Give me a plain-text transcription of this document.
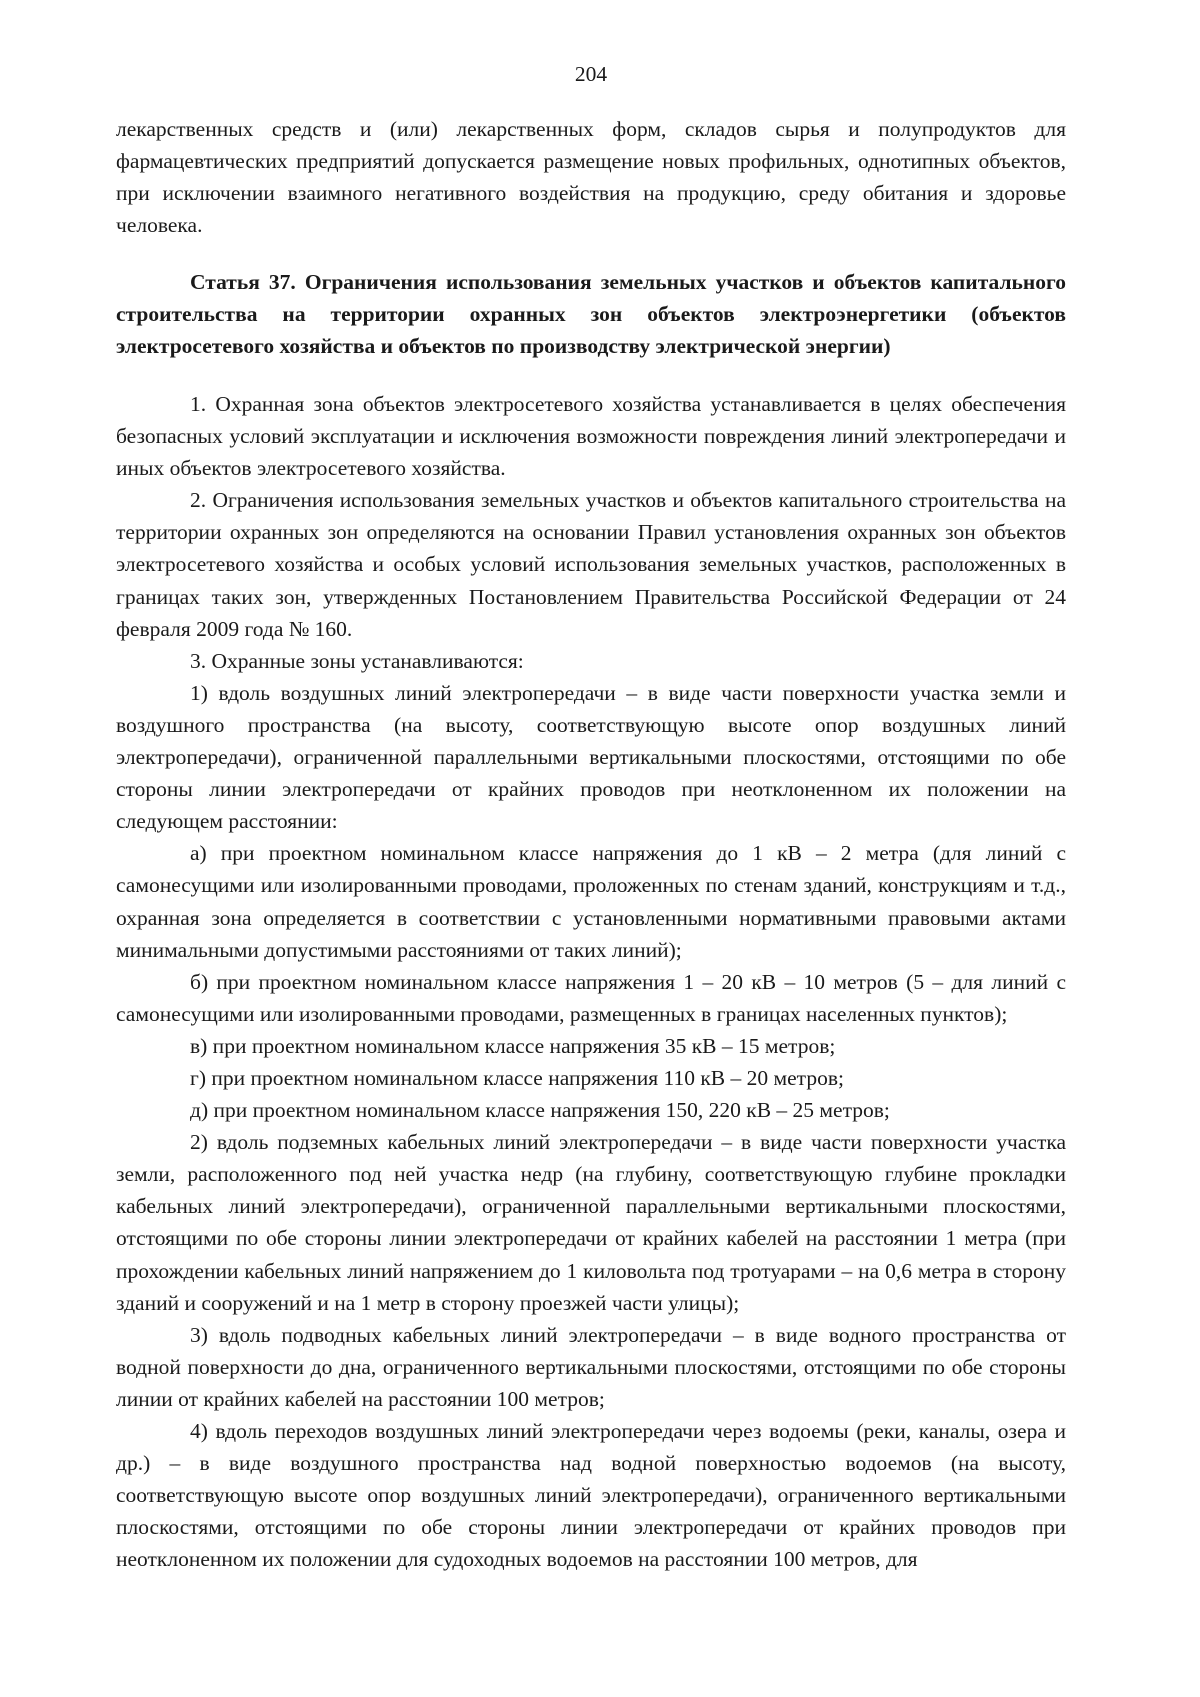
204

лекарственных средств и (или) лекарственных форм, складов сырья и полупродуктов для фармацевтических предприятий допускается размещение новых профильных, однотипных объектов, при исключении взаимного негативного воздействия на продукцию, среду обитания и здоровье человека.

Статья 37. Ограничения использования земельных участков и объектов капитального строительства на территории охранных зон объектов электроэнергетики (объектов электросетевого хозяйства и объектов по производству электрической энергии)

1. Охранная зона объектов электросетевого хозяйства устанавливается в целях обеспечения безопасных условий эксплуатации и исключения возможности повреждения линий электропередачи и иных объектов электросетевого хозяйства.

2. Ограничения использования земельных участков и объектов капитального строительства на территории охранных зон определяются на основании Правил установления охранных зон объектов электросетевого хозяйства и особых условий использования земельных участков, расположенных в границах таких зон, утвержденных Постановлением Правительства Российской Федерации от 24 февраля 2009 года № 160.

3. Охранные зоны устанавливаются:

1) вдоль воздушных линий электропередачи – в виде части поверхности участка земли и воздушного пространства (на высоту, соответствующую высоте опор воздушных линий электропередачи), ограниченной параллельными вертикальными плоскостями, отстоящими по обе стороны линии электропередачи от крайних проводов при неотклоненном их положении на следующем расстоянии:

а) при проектном номинальном классе напряжения до 1 кВ – 2 метра (для линий с самонесущими или изолированными проводами, проложенных по стенам зданий, конструкциям и т.д., охранная зона определяется в соответствии с установленными нормативными правовыми актами минимальными допустимыми расстояниями от таких линий);

б) при проектном номинальном классе напряжения 1 – 20 кВ – 10 метров (5 – для линий с самонесущими или изолированными проводами, размещенных в границах населенных пунктов);

в) при проектном номинальном классе напряжения 35 кВ – 15 метров;

г) при проектном номинальном классе напряжения 110 кВ – 20 метров;

д) при проектном номинальном классе напряжения 150, 220 кВ – 25 метров;

2) вдоль подземных кабельных линий электропередачи – в виде части поверхности участка земли, расположенного под ней участка недр (на глубину, соответствующую глубине прокладки кабельных линий электропередачи), ограниченной параллельными вертикальными плоскостями, отстоящими по обе стороны линии электропередачи от крайних кабелей на расстоянии 1 метра (при прохождении кабельных линий напряжением до 1 киловольта под тротуарами – на 0,6 метра в сторону зданий и сооружений и на 1 метр в сторону проезжей части улицы);

3) вдоль подводных кабельных линий электропередачи – в виде водного пространства от водной поверхности до дна, ограниченного вертикальными плоскостями, отстоящими по обе стороны линии от крайних кабелей на расстоянии 100 метров;

4) вдоль переходов воздушных линий электропередачи через водоемы (реки, каналы, озера и др.) – в виде воздушного пространства над водной поверхностью водоемов (на высоту, соответствующую высоте опор воздушных линий электропередачи), ограниченного вертикальными плоскостями, отстоящими по обе стороны линии электропередачи от крайних проводов при неотклоненном их положении для судоходных водоемов на расстоянии 100 метров, для
